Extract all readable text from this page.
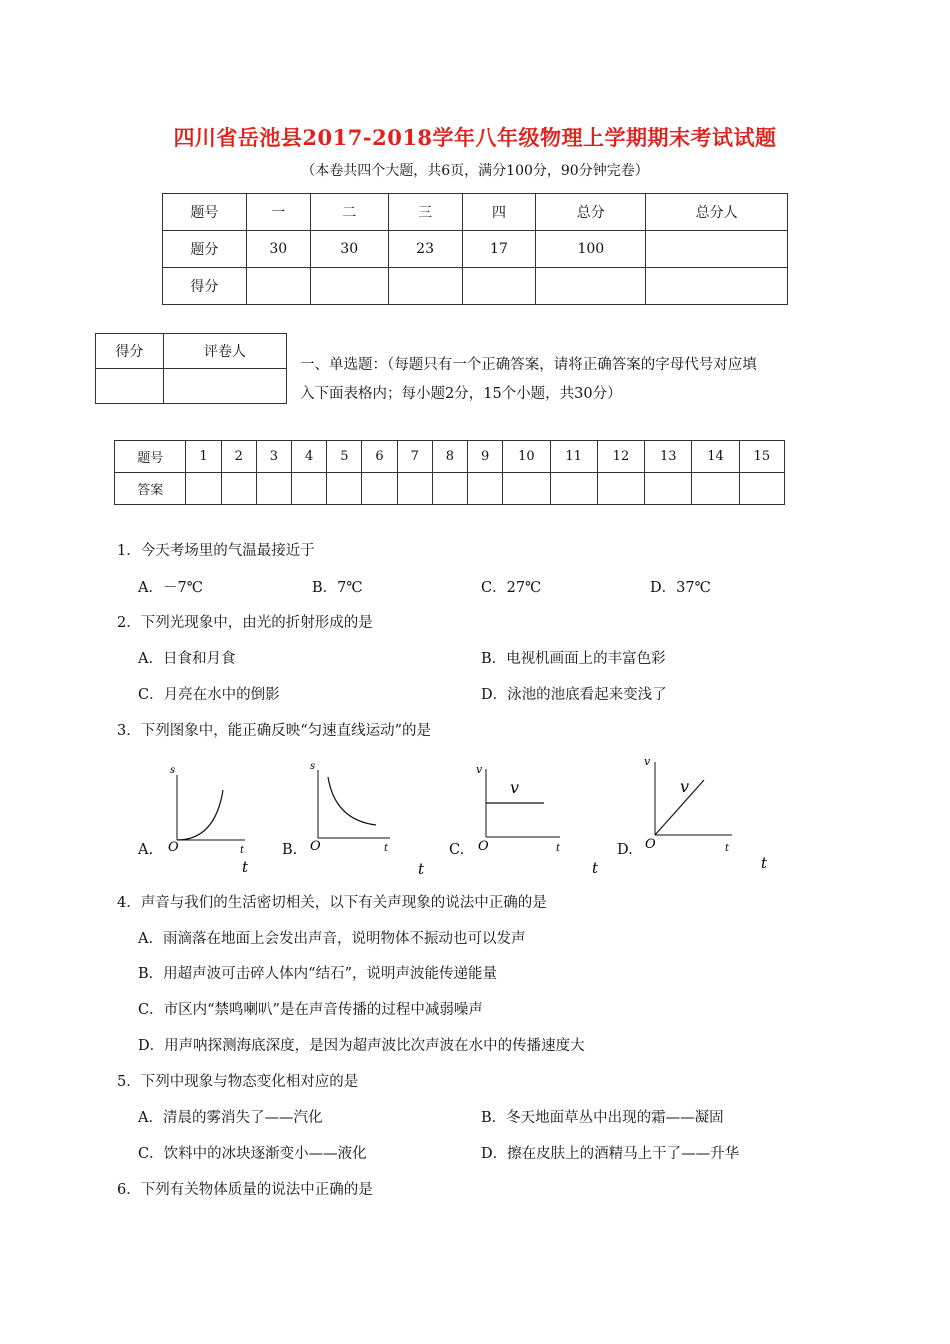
四川省岳池县2017-2018学年八年级物理上学期期末考试试题
（本卷共四个大题，共6页，满分100分，90分钟完卷）
题号	一	二	三	四	总分	总分人
题分	30	30	23	17	100	
得分						
得分	评卷人

一、单选题：（每题只有一个正确答案，请将正确答案的字母代号对应填
入下面表格内；每小题2分，15个小题，共30分）
题号	1	2	3	4	5	6	7	8	9	10	11	12	13	14	15
答案															
1．今天考场里的气温最接近于
A．－7℃	B．7℃	C．27℃	D．37℃
2．下列光现象中，由光的折射形成的是
A．日食和月食	B．电视机画面上的丰富色彩
C．月亮在水中的倒影	D．泳池的池底看起来变浅了
3．下列图象中，能正确反映“匀速直线运动”的是
A.
s
O	t
t
B.
s
O	t
t
C.
v
v
O	t
t
D.
v
v
O	t
t
4．声音与我们的生活密切相关，以下有关声现象的说法中正确的是
A．雨滴落在地面上会发出声音，说明物体不振动也可以发声
B．用超声波可击碎人体内“结石”，说明声波能传递能量
C．市区内“禁鸣喇叭”是在声音传播的过程中减弱噪声
D．用声呐探测海底深度，是因为超声波比次声波在水中的传播速度大
5．下列中现象与物态变化相对应的是
A．清晨的雾消失了——汽化	B．冬天地面草丛中出现的霜——凝固
C．饮料中的冰块逐渐变小——液化	D．擦在皮肤上的酒精马上干了——升华
6．下列有关物体质量的说法中正确的是
